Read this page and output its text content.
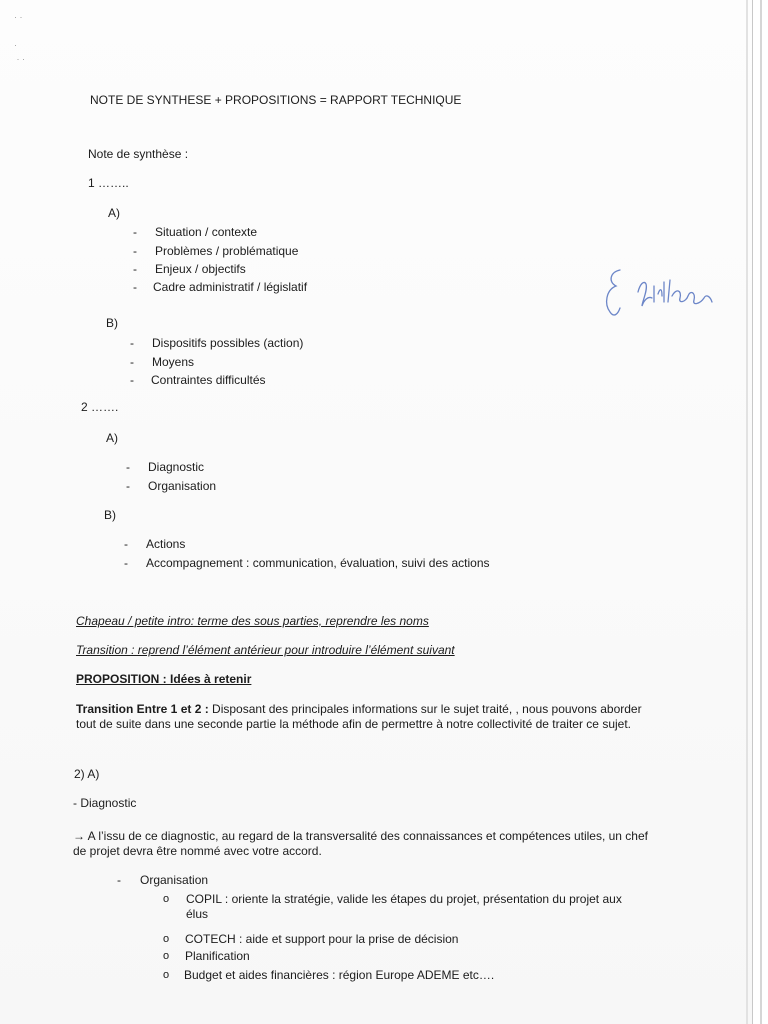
· ·

·
· ·
NOTE DE SYNTHESE + PROPOSITIONS = RAPPORT TECHNIQUE
Note de synthèse :
1 ……..
A)
- Situation / contexte
- Problèmes / problématique
- Enjeux / objectifs
- Cadre administratif / législatif
B)
- Dispositifs possibles (action)
- Moyens
- Contraintes difficultés
2 …….
A)
- Diagnostic
- Organisation
B)
- Actions
- Accompagnement : communication, évaluation, suivi des actions
Chapeau / petite intro: terme des sous parties, reprendre les noms
Transition : reprend l’élément antérieur pour introduire l’élément suivant
PROPOSITION : Idées à retenir
Transition Entre 1 et 2 : Disposant des principales informations sur le sujet traité, , nous pouvons aborder tout de suite dans une seconde partie la méthode afin de permettre à notre collectivité de traiter ce sujet.
2) A)
- Diagnostic
→ A l’issu de ce diagnostic, au regard de la transversalité des connaissances et compétences utiles, un chef de projet devra être nommé avec votre accord.
- Organisation
o COPIL : oriente la stratégie, valide les étapes du projet, présentation du projet aux élus
o COTECH : aide et support pour la prise de décision
o Planification
o Budget et aides financières : région Europe ADEME etc….
